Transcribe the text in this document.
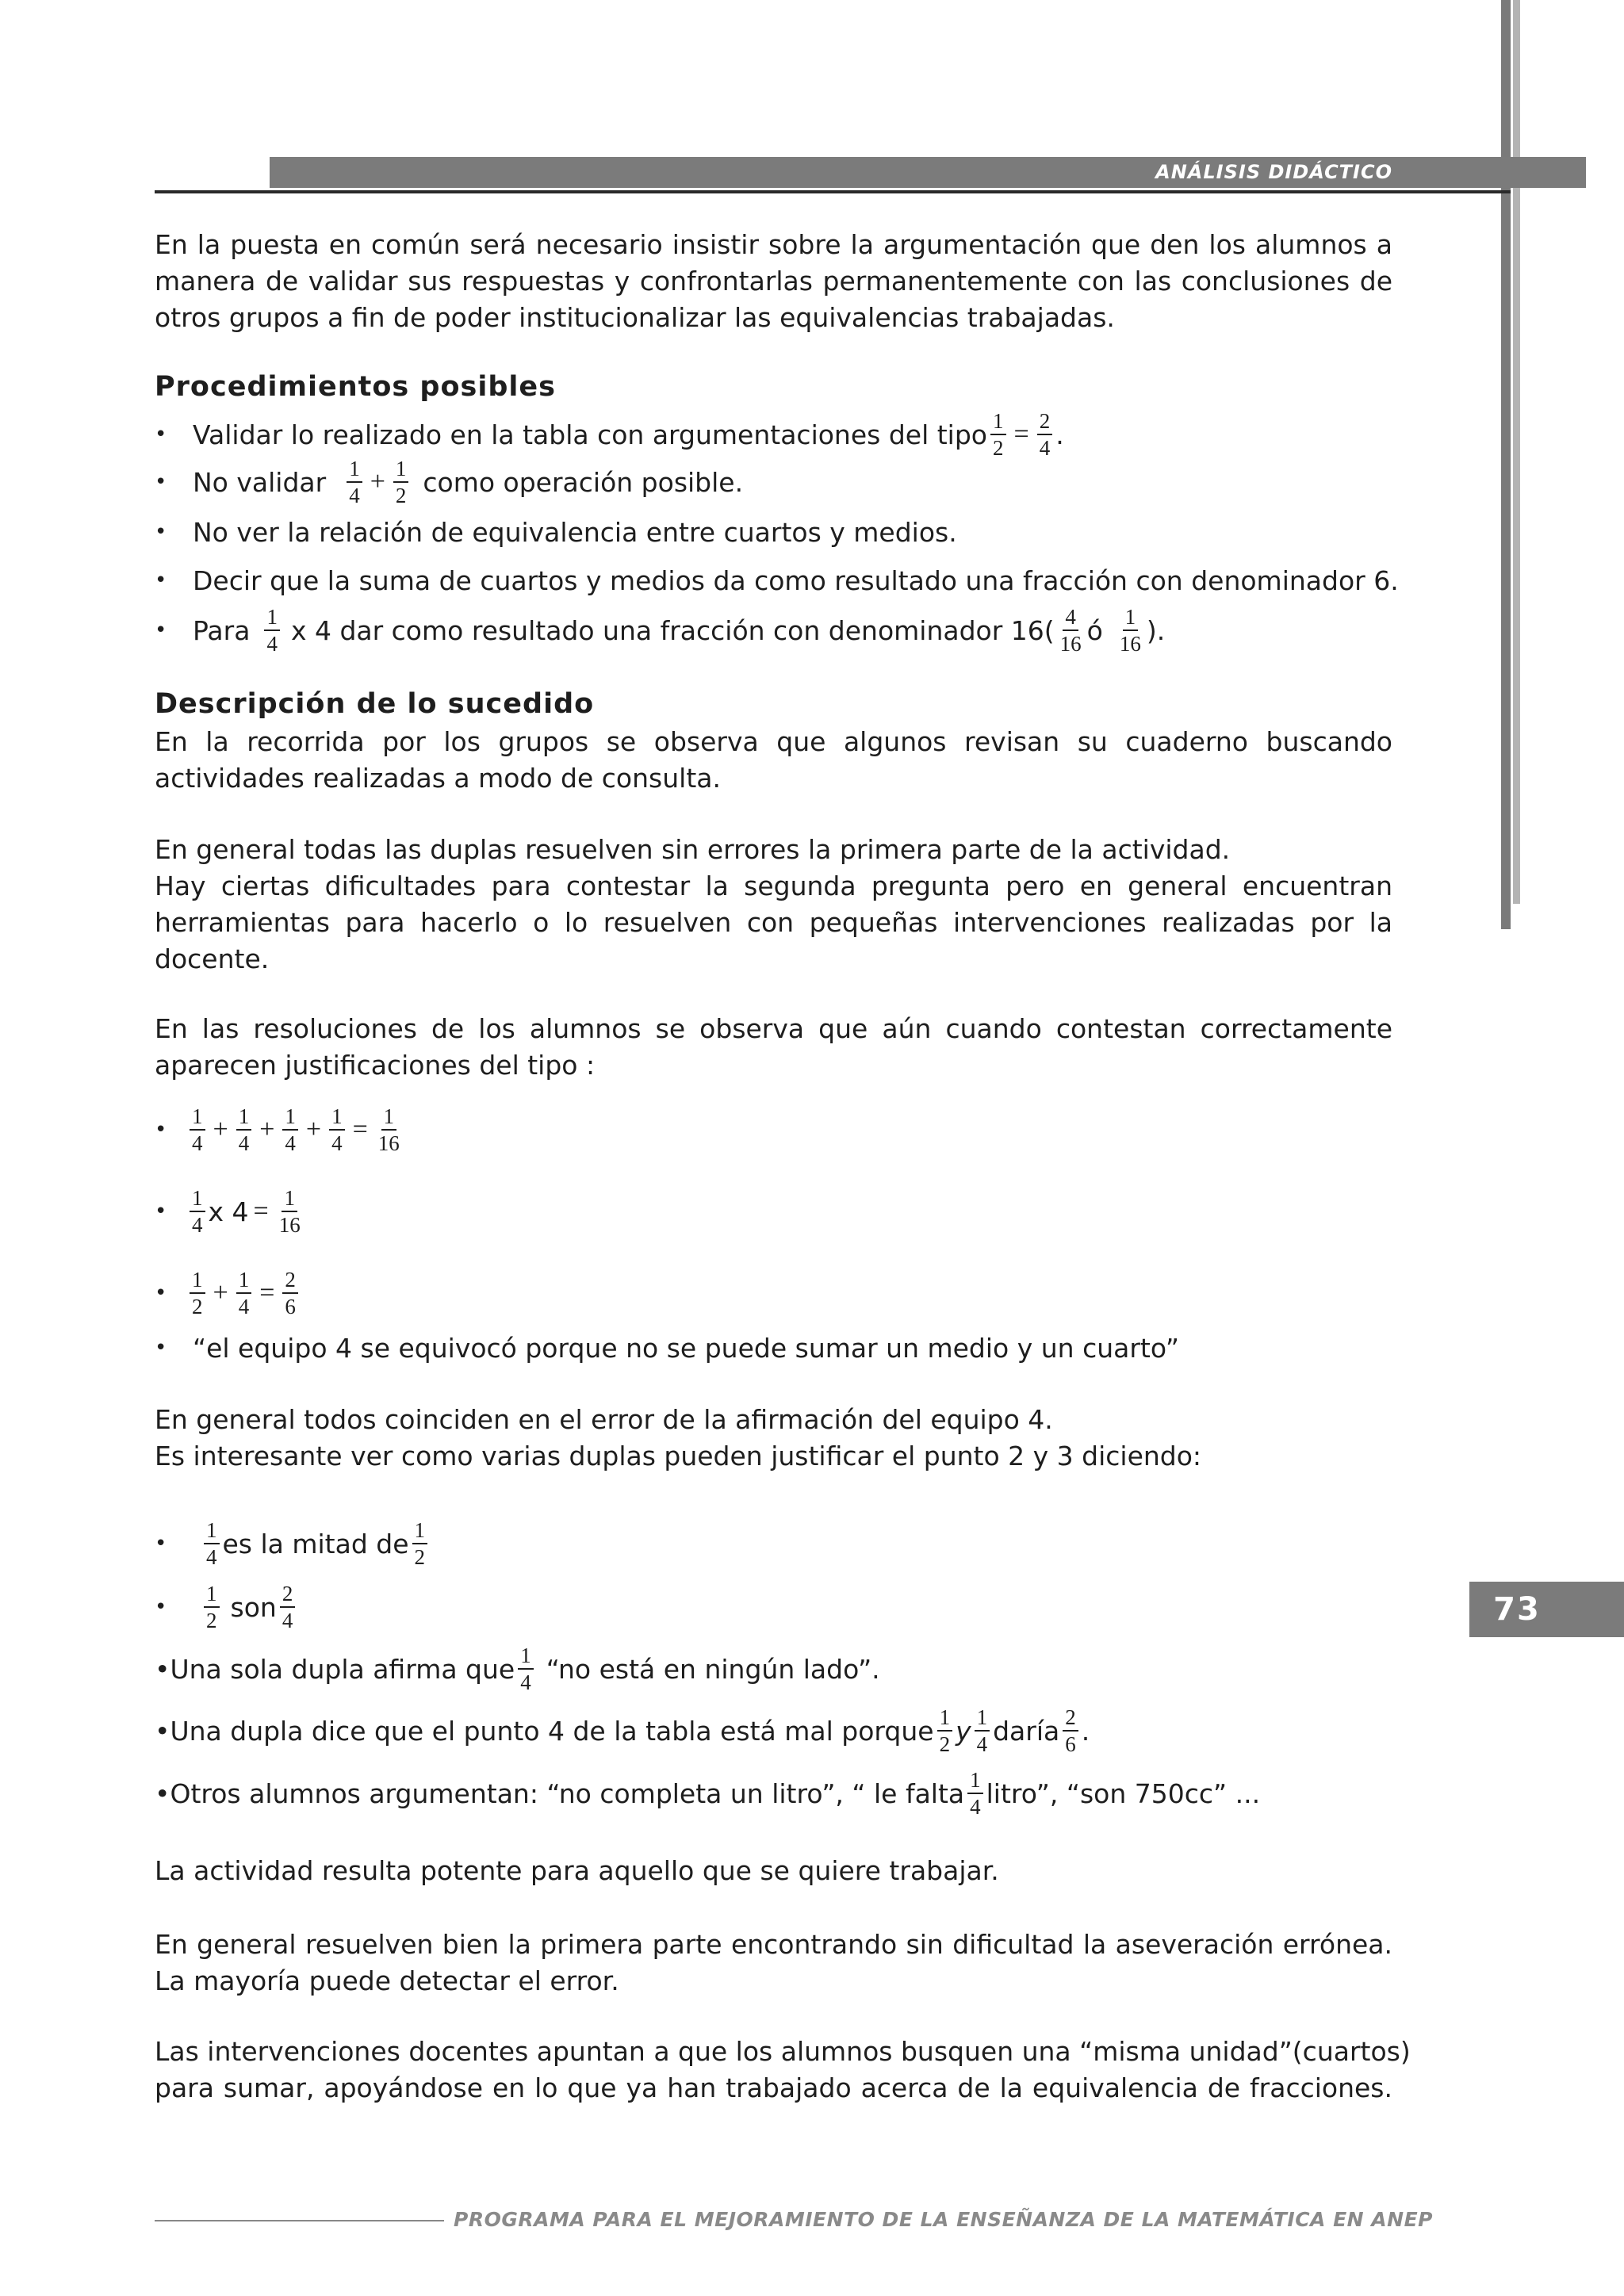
ANÁLISIS DIDÁCTICO
73
PROGRAMA PARA EL MEJORAMIENTO DE LA ENSEÑANZA DE LA MATEMÁTICA EN ANEP
En la puesta en común será necesario insistir sobre la argumentación que den los alumnos a
manera de validar sus respuestas y confrontarlas permanentemente con las conclusiones de
otros grupos a fin de poder institucionalizar las equivalencias trabajadas.
Procedimientos posibles
• Validar lo realizado en la tabla con argumentaciones del tipo $\frac{1}{2} = \frac{2}{4}$ .
• No validar $\frac{1}{4} + \frac{1}{2}$ como operación posible.
• No ver la relación de equivalencia entre cuartos y medios.
• Decir que la suma de cuartos y medios da como resultado una fracción con denominador 6.
• Para $\frac{1}{4}$ x 4 dar como resultado una fracción con denominador $16( \frac{4}{16}$ ó $\frac{1}{16}$ ).
Descripción de lo sucedido
En la recorrida por los grupos se observa que algunos revisan su cuaderno buscando
actividades realizadas a modo de consulta.
En general todas las duplas resuelven sin errores la primera parte de la actividad.
Hay ciertas dificultades para contestar la segunda pregunta pero en general encuentran
herramientas para hacerlo o lo resuelven con pequeñas intervenciones realizadas por la
docente.
En las resoluciones de los alumnos se observa que aún cuando contestan correctamente
aparecen justificaciones del tipo :
•	$\frac{1}{4} + \frac{1}{4} + \frac{1}{4} + \frac{1}{4} = \frac{1}{16}$
•	$\frac{1}{4}$ x $4 = \frac{1}{16}$
•	$\frac{1}{2} + \frac{1}{4} = \frac{2}{6}$
• “el equipo 4 se equivocó porque no se puede sumar un medio y un cuarto”
En general todos coinciden en el error de la afirmación del equipo 4.
Es interesante ver como varias duplas pueden justificar el punto 2 y 3 diciendo:
•	$\frac{1}{4}$ es la mitad de $\frac{1}{2}$
•	$\frac{1}{2}$ son $\frac{2}{4}$
•Una sola dupla afirma que $\frac{1}{4}$ “no está en ningún lado”.
•Una dupla dice que el punto 4 de la tabla está mal porque $\frac{1}{2}$ y $\frac{1}{4}$ daría $\frac{2}{6}$ .
•Otros alumnos argumentan: “no completa un litro”, “ le falta $\frac{1}{4}$ litro”, “son 750cc” ...
La actividad resulta potente para aquello que se quiere trabajar.
En general resuelven bien la primera parte encontrando sin dificultad la aseveración errónea.
La mayoría puede detectar el error.
Las intervenciones docentes apuntan a que los alumnos busquen una “misma unidad”(cuartos)
para sumar, apoyándose en lo que ya han trabajado acerca de la equivalencia de fracciones.
